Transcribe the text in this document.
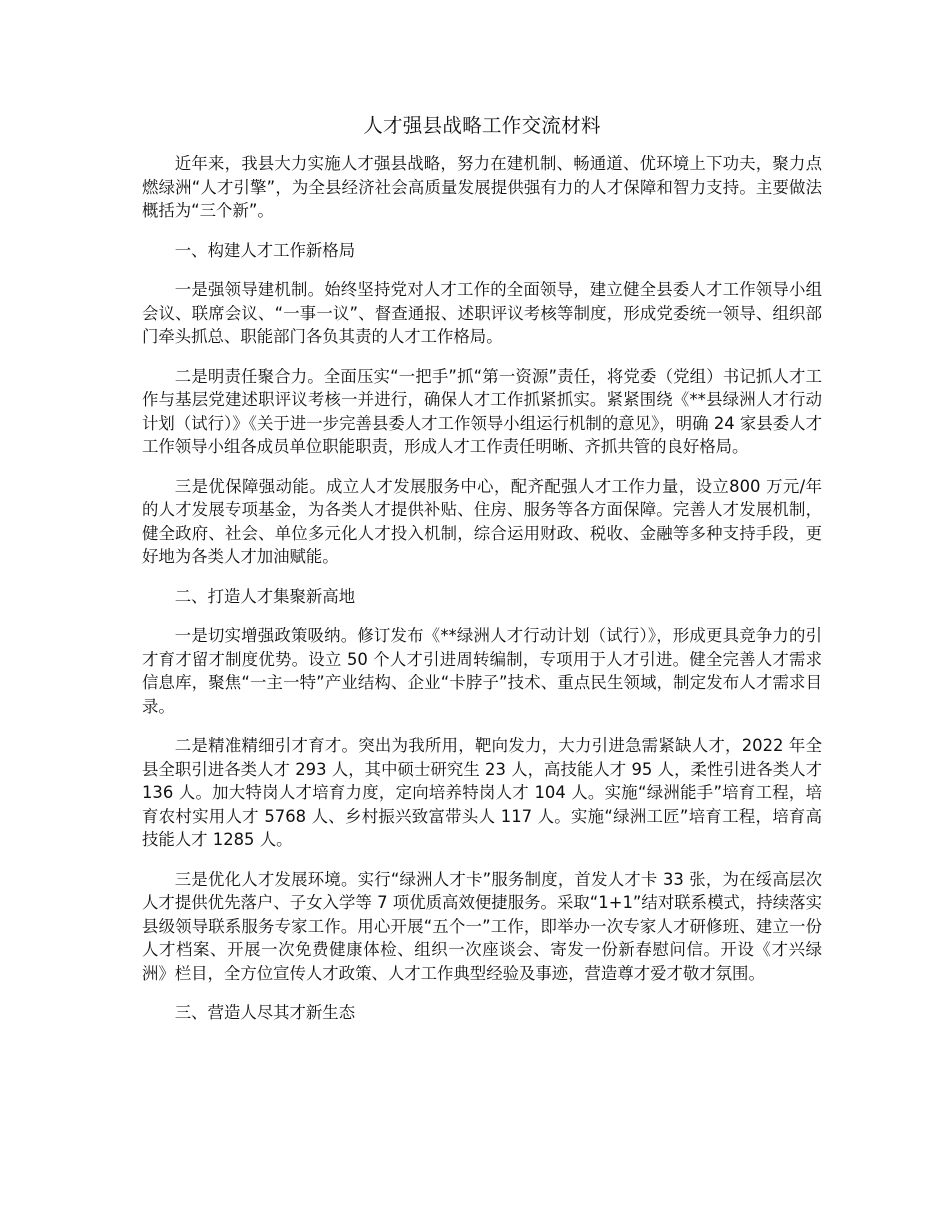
人才强县战略工作交流材料

近年来，我县大力实施人才强县战略，努力在建机制、畅通道、优环境上下功夫，聚力点燃绿洲“人才引擎”，为全县经济社会高质量发展提供强有力的人才保障和智力支持。主要做法概括为“三个新”。

一、构建人才工作新格局

一是强领导建机制。始终坚持党对人才工作的全面领导，建立健全县委人才工作领导小组会议、联席会议、“一事一议”、督查通报、述职评议考核等制度，形成党委统一领导、组织部门牵头抓总、职能部门各负其责的人才工作格局。

二是明责任聚合力。全面压实“一把手”抓“第一资源”责任，将党委（党组）书记抓人才工作与基层党建述职评议考核一并进行，确保人才工作抓紧抓实。紧紧围绕《**县绿洲人才行动计划（试行）》《关于进一步完善县委人才工作领导小组运行机制的意见》，明确 24 家县委人才工作领导小组各成员单位职能职责，形成人才工作责任明晰、齐抓共管的良好格局。

三是优保障强动能。成立人才发展服务中心，配齐配强人才工作力量，设立800 万元/年的人才发展专项基金，为各类人才提供补贴、住房、服务等各方面保障。完善人才发展机制，健全政府、社会、单位多元化人才投入机制，综合运用财政、税收、金融等多种支持手段，更好地为各类人才加油赋能。

二、打造人才集聚新高地

一是切实增强政策吸纳。修订发布《**绿洲人才行动计划（试行）》，形成更具竞争力的引才育才留才制度优势。设立 50 个人才引进周转编制，专项用于人才引进。健全完善人才需求信息库，聚焦“一主一特”产业结构、企业“卡脖子”技术、重点民生领域，制定发布人才需求目录。

二是精准精细引才育才。突出为我所用，靶向发力，大力引进急需紧缺人才，2022 年全县全职引进各类人才 293 人，其中硕士研究生 23 人，高技能人才 95 人，柔性引进各类人才 136 人。加大特岗人才培育力度，定向培养特岗人才 104 人。实施“绿洲能手”培育工程，培育农村实用人才 5768 人、乡村振兴致富带头人 117 人。实施“绿洲工匠”培育工程，培育高技能人才 1285 人。

三是优化人才发展环境。实行“绿洲人才卡”服务制度，首发人才卡 33 张，为在绥高层次人才提供优先落户、子女入学等 7 项优质高效便捷服务。采取“1+1”结对联系模式，持续落实县级领导联系服务专家工作。用心开展“五个一”工作，即举办一次专家人才研修班、建立一份人才档案、开展一次免费健康体检、组织一次座谈会、寄发一份新春慰问信。开设《才兴绿洲》栏目，全方位宣传人才政策、人才工作典型经验及事迹，营造尊才爱才敬才氛围。

三、营造人尽其才新生态
